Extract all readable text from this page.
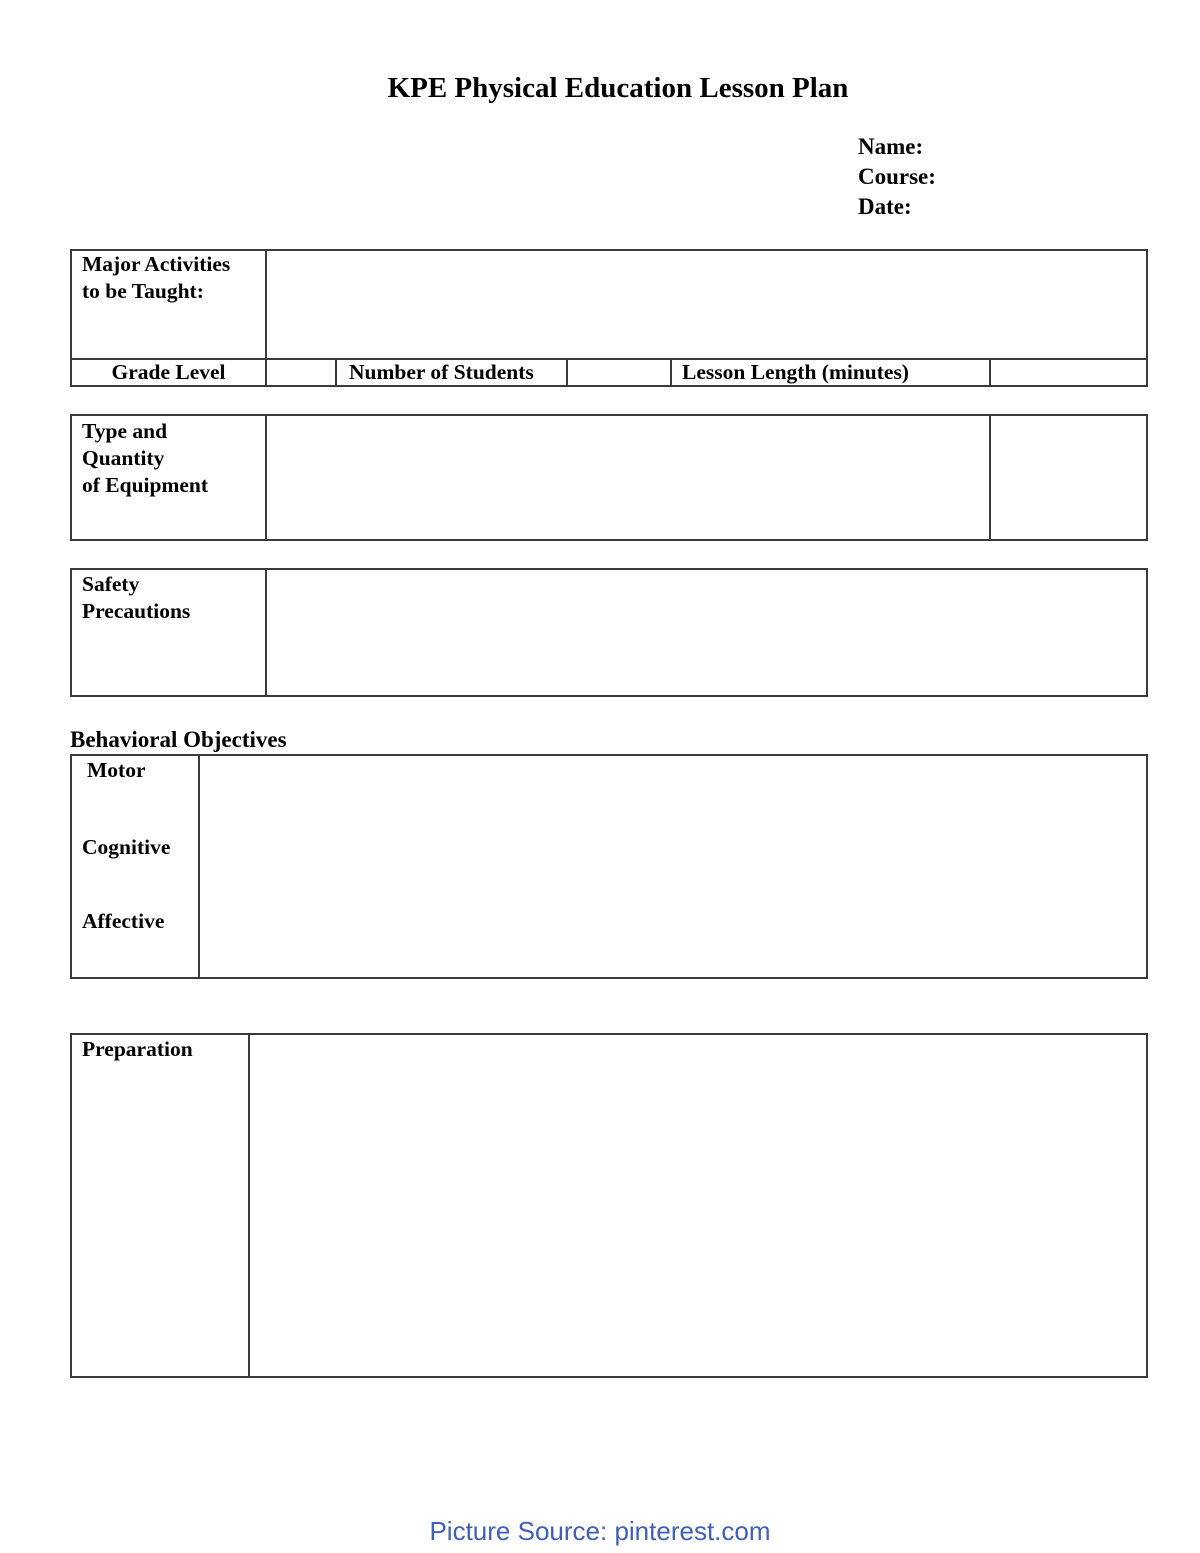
KPE Physical Education Lesson Plan
Name:
Course:
Date:
Major Activities
to be Taught:
Grade Level	Number of Students	Lesson Length (minutes)
Type and
Quantity
of Equipment
Safety
Precautions
Behavioral Objectives
Motor
Cognitive
Affective
Preparation
Picture Source: pinterest.com
